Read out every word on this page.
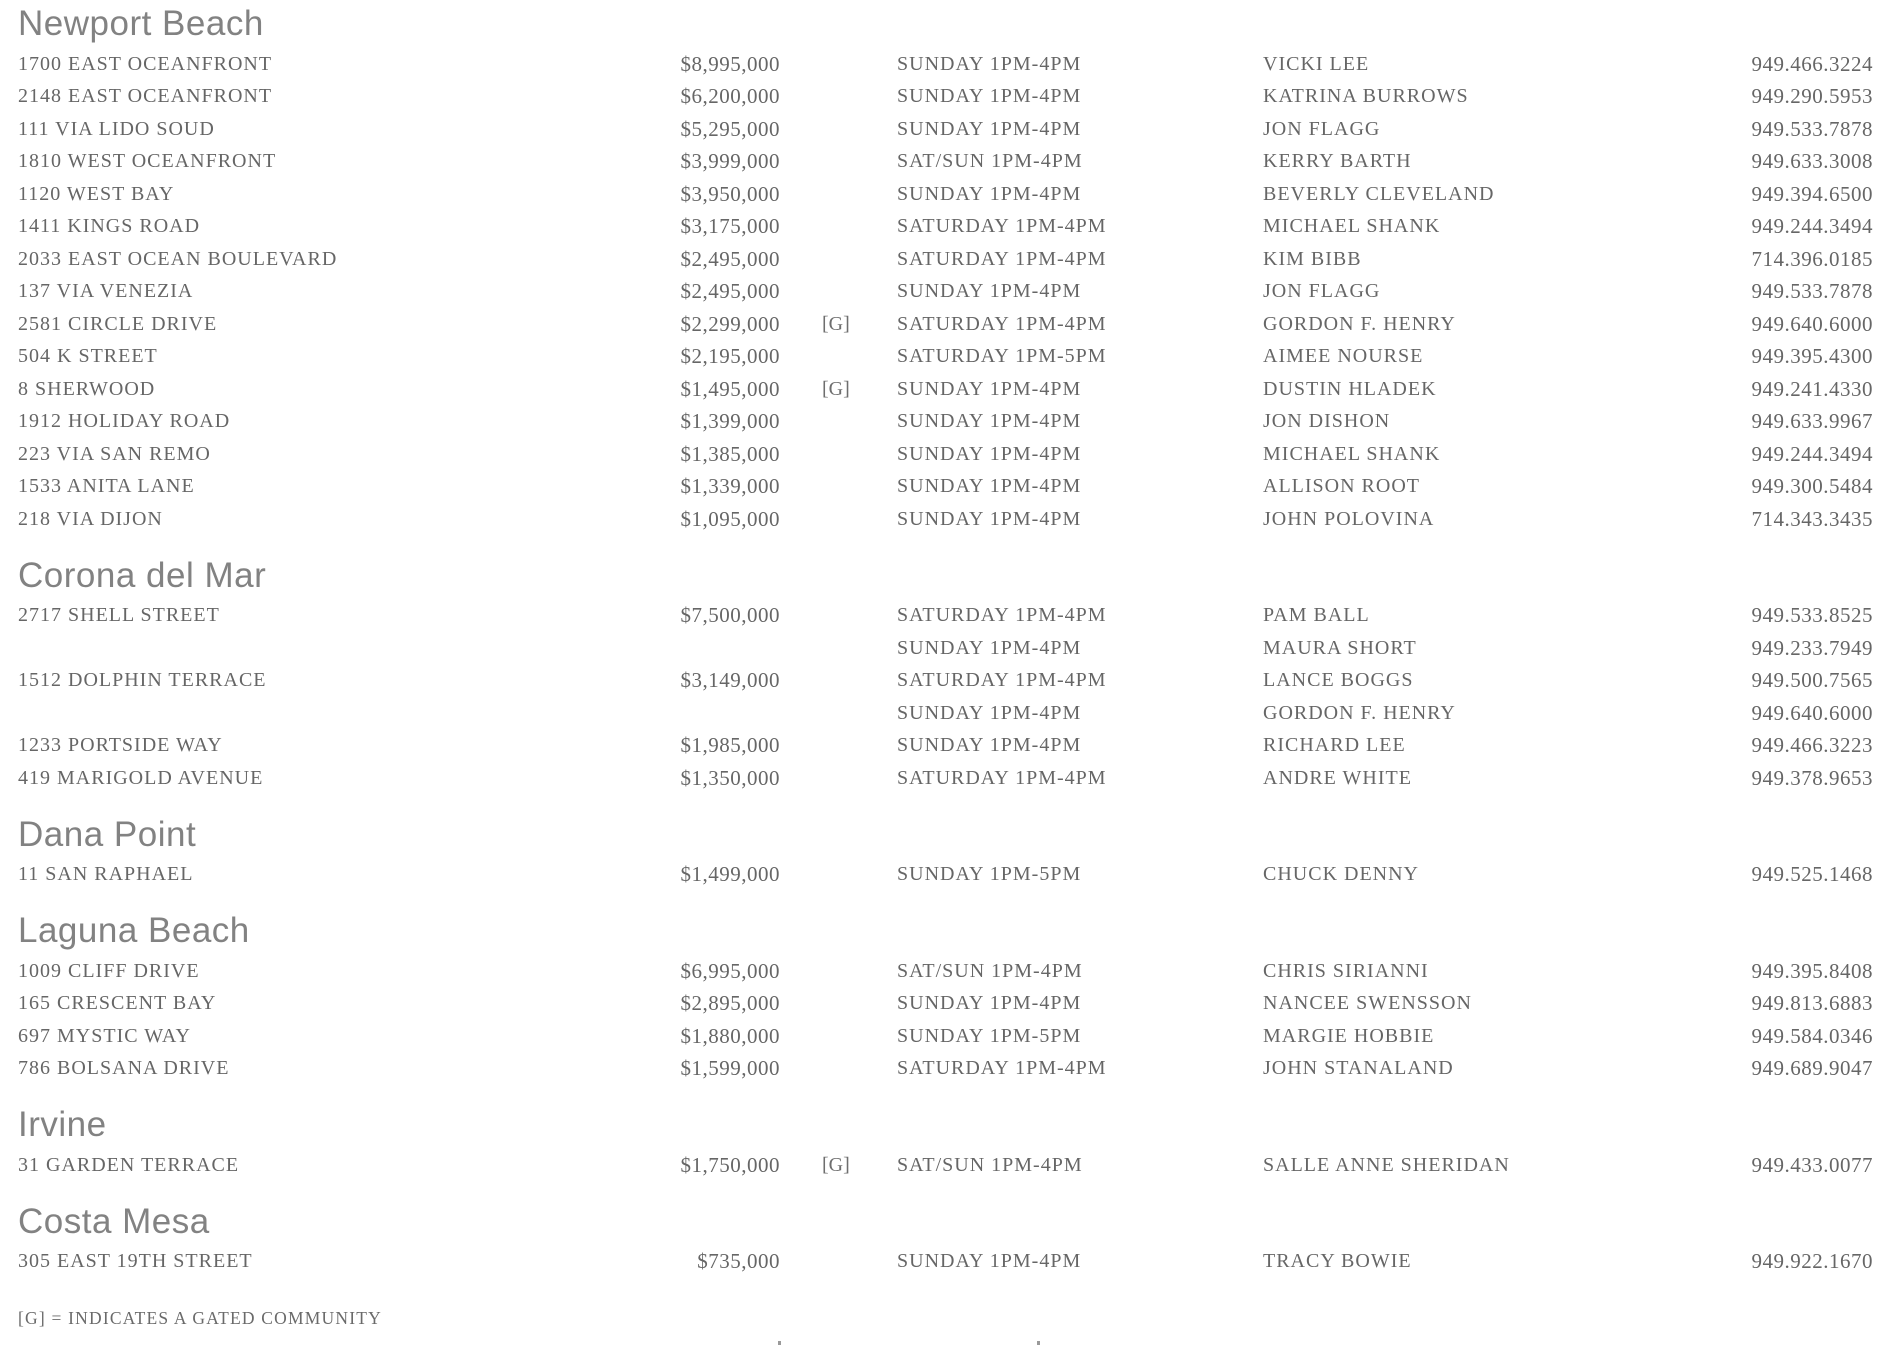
Newport Beach
1700 EAST OCEANFRONT	$8,995,000	SUNDAY 1PM-4PM	VICKI LEE	949.466.3224
2148 EAST OCEANFRONT	$6,200,000	SUNDAY 1PM-4PM	KATRINA BURROWS	949.290.5953
111 VIA LIDO SOUD	$5,295,000	SUNDAY 1PM-4PM	JON FLAGG	949.533.7878
1810 WEST OCEANFRONT	$3,999,000	SAT/SUN 1PM-4PM	KERRY BARTH	949.633.3008
1120 WEST BAY	$3,950,000	SUNDAY 1PM-4PM	BEVERLY CLEVELAND	949.394.6500
1411 KINGS ROAD	$3,175,000	SATURDAY 1PM-4PM	MICHAEL SHANK	949.244.3494
2033 EAST OCEAN BOULEVARD	$2,495,000	SATURDAY 1PM-4PM	KIM BIBB	714.396.0185
137 VIA VENEZIA	$2,495,000	SUNDAY 1PM-4PM	JON FLAGG	949.533.7878
2581 CIRCLE DRIVE	$2,299,000	[G]	SATURDAY 1PM-4PM	GORDON F. HENRY	949.640.6000
504 K STREET	$2,195,000	SATURDAY 1PM-5PM	AIMEE NOURSE	949.395.4300
8 SHERWOOD	$1,495,000	[G]	SUNDAY 1PM-4PM	DUSTIN HLADEK	949.241.4330
1912 HOLIDAY ROAD	$1,399,000	SUNDAY 1PM-4PM	JON DISHON	949.633.9967
223 VIA SAN REMO	$1,385,000	SUNDAY 1PM-4PM	MICHAEL SHANK	949.244.3494
1533 ANITA LANE	$1,339,000	SUNDAY 1PM-4PM	ALLISON ROOT	949.300.5484
218 VIA DIJON	$1,095,000	SUNDAY 1PM-4PM	JOHN POLOVINA	714.343.3435
Corona del Mar
2717 SHELL STREET	$7,500,000	SATURDAY 1PM-4PM	PAM BALL	949.533.8525
SUNDAY 1PM-4PM	MAURA SHORT	949.233.7949
1512 DOLPHIN TERRACE	$3,149,000	SATURDAY 1PM-4PM	LANCE BOGGS	949.500.7565
SUNDAY 1PM-4PM	GORDON F. HENRY	949.640.6000
1233 PORTSIDE WAY	$1,985,000	SUNDAY 1PM-4PM	RICHARD LEE	949.466.3223
419 MARIGOLD AVENUE	$1,350,000	SATURDAY 1PM-4PM	ANDRE WHITE	949.378.9653
Dana Point
11 SAN RAPHAEL	$1,499,000	SUNDAY 1PM-5PM	CHUCK DENNY	949.525.1468
Laguna Beach
1009 CLIFF DRIVE	$6,995,000	SAT/SUN 1PM-4PM	CHRIS SIRIANNI	949.395.8408
165 CRESCENT BAY	$2,895,000	SUNDAY 1PM-4PM	NANCEE SWENSSON	949.813.6883
697 MYSTIC WAY	$1,880,000	SUNDAY 1PM-5PM	MARGIE HOBBIE	949.584.0346
786 BOLSANA DRIVE	$1,599,000	SATURDAY 1PM-4PM	JOHN STANALAND	949.689.9047
Irvine
31 GARDEN TERRACE	$1,750,000	[G]	SAT/SUN 1PM-4PM	SALLE ANNE SHERIDAN	949.433.0077
Costa Mesa
305 EAST 19TH STREET	$735,000	SUNDAY 1PM-4PM	TRACY BOWIE	949.922.1670
[G] = INDICATES A GATED COMMUNITY
